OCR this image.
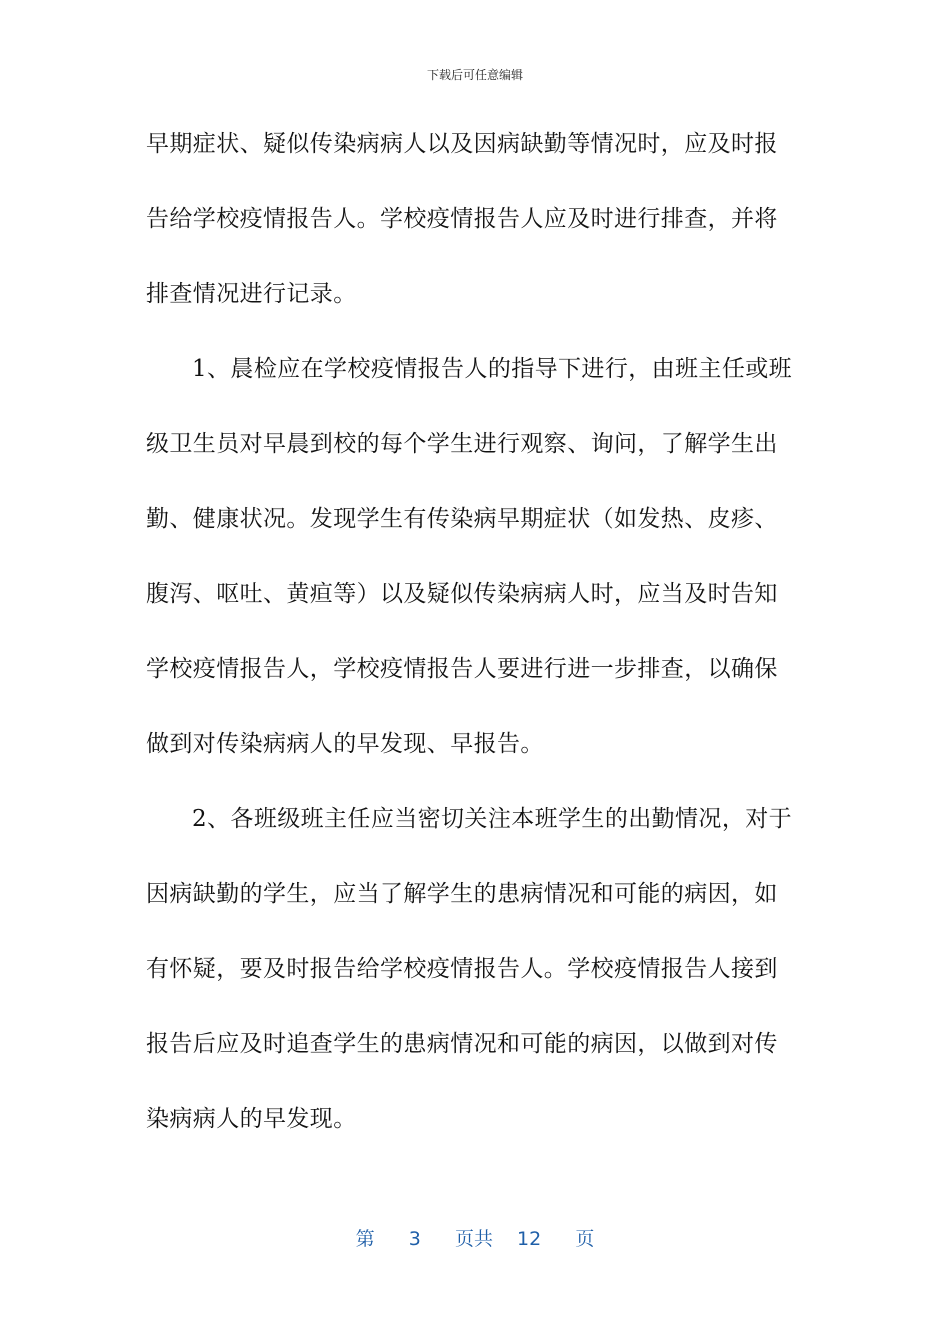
下载后可任意编辑
早期症状、疑似传染病病人以及因病缺勤等情况时，应及时报
告给学校疫情报告人。学校疫情报告人应及时进行排查，并将
排查情况进行记录。
1、晨检应在学校疫情报告人的指导下进行，由班主任或班
级卫生员对早晨到校的每个学生进行观察、询问，了解学生出
勤、健康状况。发现学生有传染病早期症状（如发热、皮疹、
腹泻、呕吐、黄疸等）以及疑似传染病病人时，应当及时告知
学校疫情报告人，学校疫情报告人要进行进一步排查，以确保
做到对传染病病人的早发现、早报告。
2、各班级班主任应当密切关注本班学生的出勤情况，对于
因病缺勤的学生，应当了解学生的患病情况和可能的病因，如
有怀疑，要及时报告给学校疫情报告人。学校疫情报告人接到
报告后应及时追查学生的患病情况和可能的病因，以做到对传
染病病人的早发现。
第 3 页共 12 页
